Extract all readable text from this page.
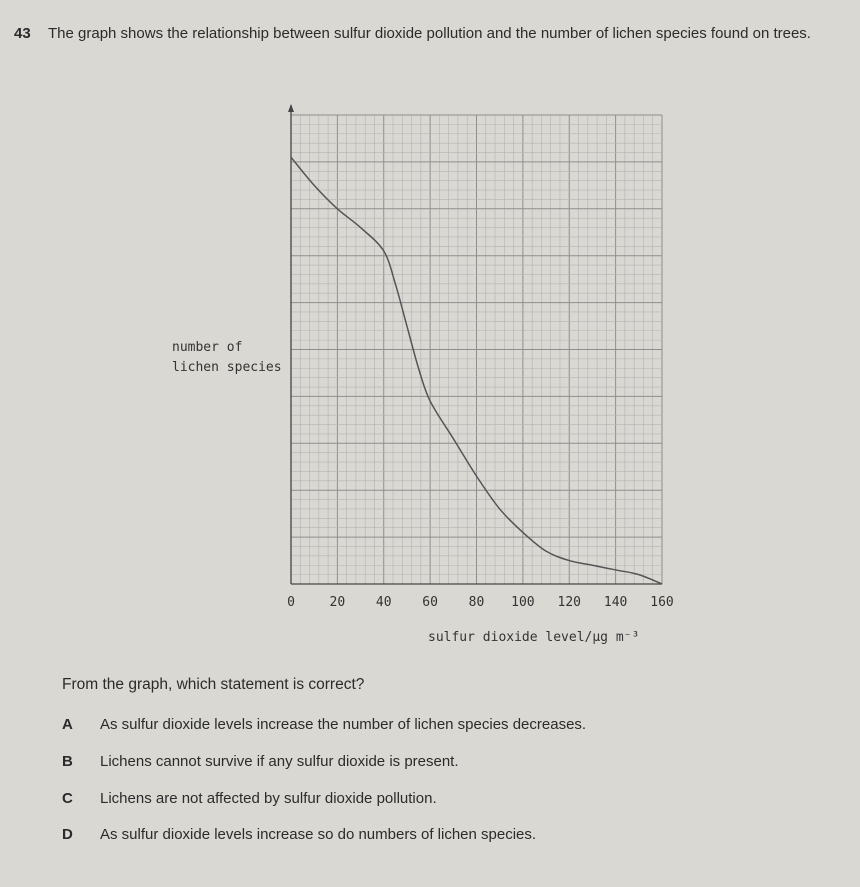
43 The graph shows the relationship between sulfur dioxide pollution and the number of lichen species found on trees.
0	20 40 60 80 100 120 140 160
number of
lichen species
sulfur dioxide level/μg m⁻³
From the graph, which statement is correct?
A As sulfur dioxide levels increase the number of lichen species decreases.
B Lichens cannot survive if any sulfur dioxide is present.
C Lichens are not affected by sulfur dioxide pollution.
D As sulfur dioxide levels increase so do numbers of lichen species.
